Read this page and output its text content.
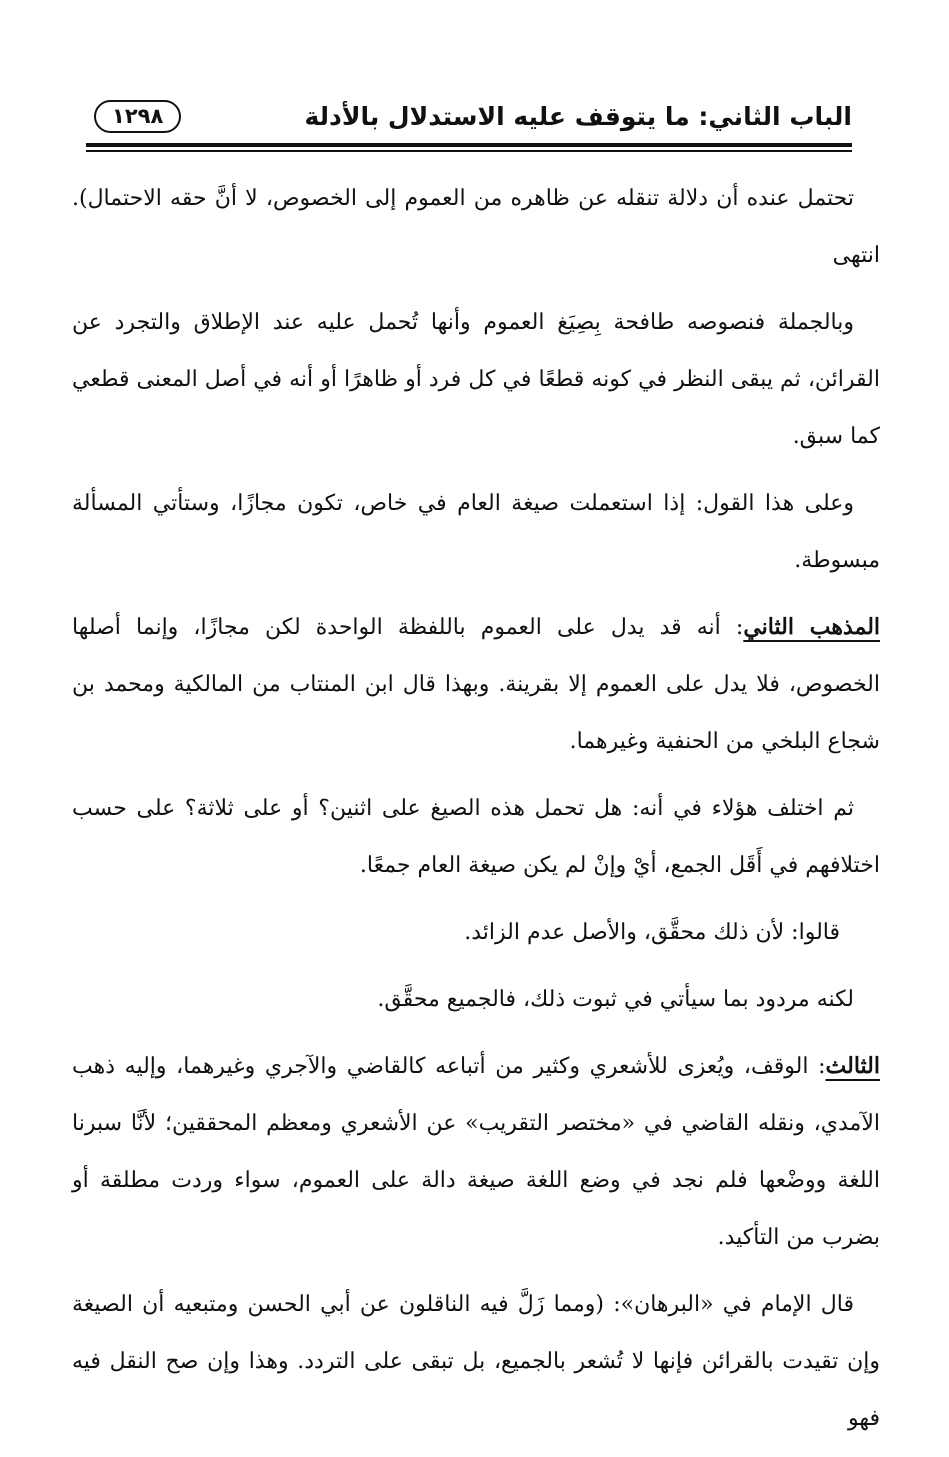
الباب الثاني: ما يتوقف عليه الاستدلال بالأدلة
١٢٩٨

تحتمل عنده أن دلالة تنقله عن ظاهره من العموم إلى الخصوص، لا أنَّ حقه الاحتمال). انتهى

وبالجملة فنصوصه طافحة بِصِيَغ العموم وأنها تُحمل عليه عند الإطلاق والتجرد عن القرائن، ثم يبقى النظر في كونه قطعًا في كل فرد أو ظاهرًا أو أنه في أصل المعنى قطعي كما سبق.

وعلى هذا القول: إذا استعملت صيغة العام في خاص، تكون مجازًا، وستأتي المسألة مبسوطة.

المذهب الثاني: أنه قد يدل على العموم باللفظة الواحدة لكن مجازًا، وإنما أصلها الخصوص، فلا يدل على العموم إلا بقرينة. وبهذا قال ابن المنتاب من المالكية ومحمد بن شجاع البلخي من الحنفية وغيرهما.

ثم اختلف هؤلاء في أنه: هل تحمل هذه الصيغ على اثنين؟ أو على ثلاثة؟ على حسب اختلافهم في أَقَل الجمع، أيْ وإنْ لم يكن صيغة العام جمعًا.

قالوا: لأن ذلك محقَّق، والأصل عدم الزائد.

لكنه مردود بما سيأتي في ثبوت ذلك، فالجميع محقَّق.

الثالث: الوقف، ويُعزى للأشعري وكثير من أتباعه كالقاضي والآجري وغيرهما، وإليه ذهب الآمدي، ونقله القاضي في «مختصر التقريب» عن الأشعري ومعظم المحققين؛ لأنَّا سبرنا اللغة ووضْعها فلم نجد في وضع اللغة صيغة دالة على العموم، سواء وردت مطلقة أو بضرب من التأكيد.

قال الإمام في «البرهان»: (ومما زَلَّ فيه الناقلون عن أبي الحسن ومتبعيه أن الصيغة وإن تقيدت بالقرائن فإنها لا تُشعر بالجميع، بل تبقى على التردد. وهذا وإن صح النقل فيه فهو
